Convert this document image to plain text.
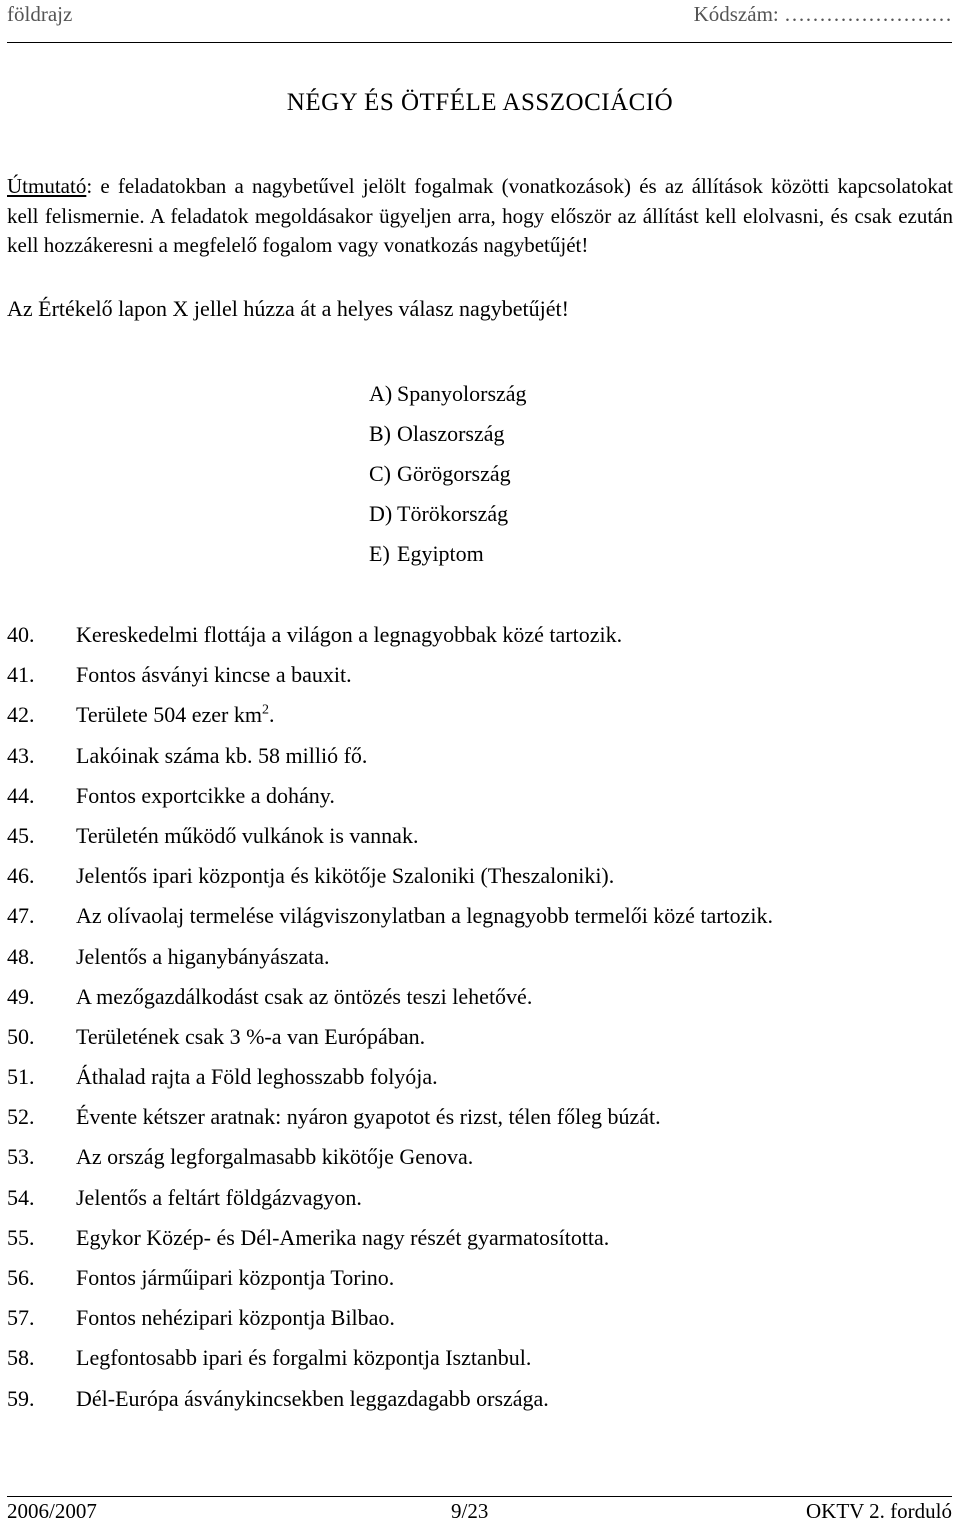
földrajz	Kódszám: ……………………
NÉGY ÉS ÖTFÉLE ASSZOCIÁCIÓ

Útmutató: e feladatokban a nagybetűvel jelölt fogalmak (vonatkozások) és az állítások közötti kapcsolatokat kell felismernie. A feladatok megoldásakor ügyeljen arra, hogy először az állítást kell elolvasni, és csak ezután kell hozzákeresni a megfelelő fogalom vagy vonatkozás nagybetűjét!

Az Értékelő lapon X jellel húzza át a helyes válasz nagybetűjét!
A) Spanyolország
B) Olaszország
C) Görögország
D) Törökország
E) Egyiptom
40. Kereskedelmi flottája a világon a legnagyobbak közé tartozik.
41. Fontos ásványi kincse a bauxit.
42. Területe 504 ezer $km^2$.
43. Lakóinak száma kb. 58 millió fő.
44. Fontos exportcikke a dohány.
45. Területén működő vulkánok is vannak.
46. Jelentős ipari központja és kikötője Szaloniki (Theszaloniki).
47. Az olívaolaj termelése világviszonylatban a legnagyobb termelői közé tartozik.
48. Jelentős a higanybányászata.
49. A mezőgazdálkodást csak az öntözés teszi lehetővé.
50. Területének csak 3 %-a van Európában.
51. Áthalad rajta a Föld leghosszabb folyója.
52. Évente kétszer aratnak: nyáron gyapotot és rizst, télen főleg búzát.
53. Az ország legforgalmasabb kikötője Genova.
54. Jelentős a feltárt földgázvagyon.
55. Egykor Közép- és Dél-Amerika nagy részét gyarmatosította.
56. Fontos járműipari központja Torino.
57. Fontos nehézipari központja Bilbao.
58. Legfontosabb ipari és forgalmi központja Isztanbul.
59. Dél-Európa ásványkincsekben leggazdagabb országa.
2006/2007	9/23	OKTV 2. forduló
